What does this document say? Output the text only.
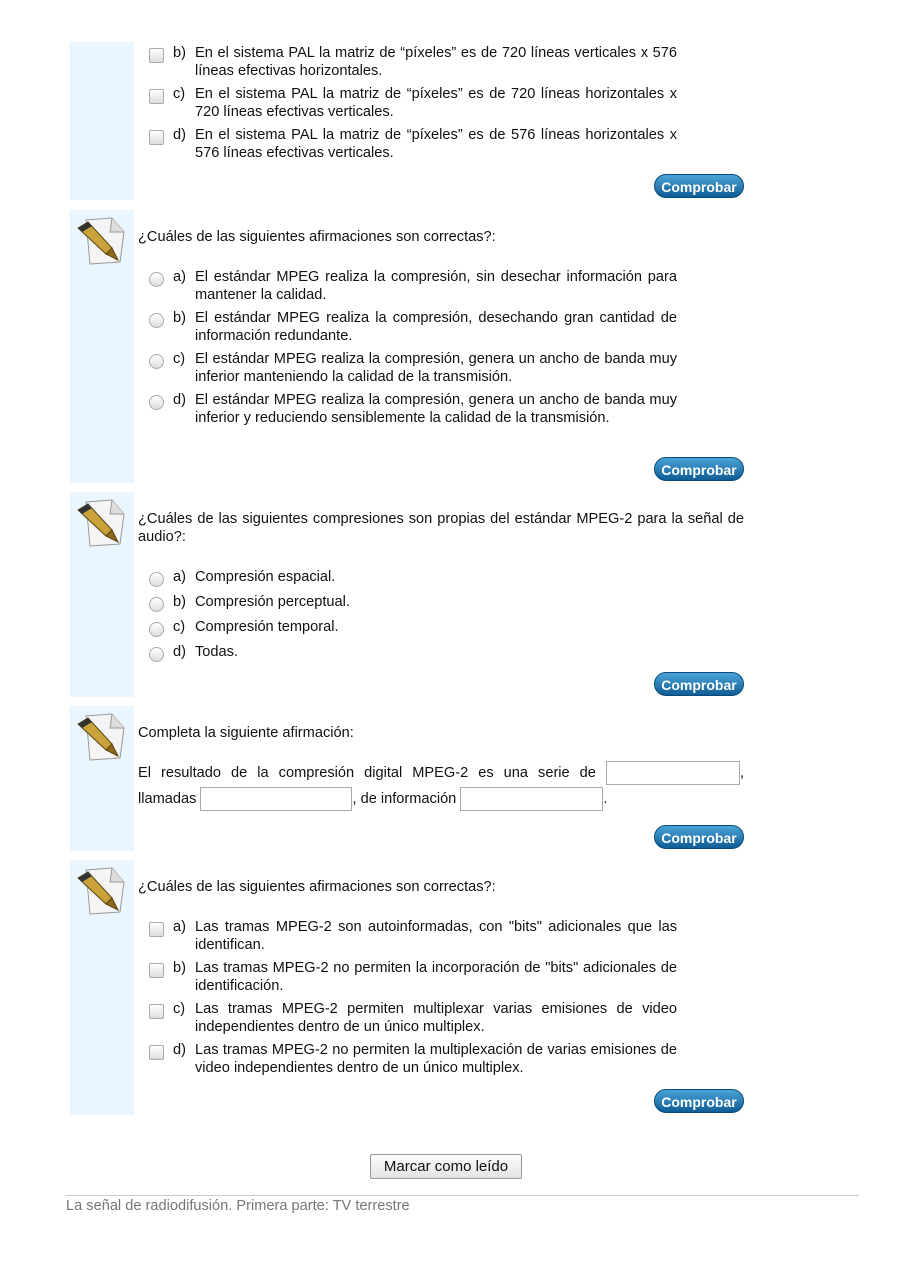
b) En el sistema PAL la matriz de “píxeles” es de 720 líneas verticales x 576 líneas efectivas horizontales.
c) En el sistema PAL la matriz de “píxeles” es de 720 líneas horizontales x 720 líneas efectivas verticales.
d) En el sistema PAL la matriz de “píxeles” es de 576 líneas horizontales x 576 líneas efectivas verticales.
Comprobar
¿Cuáles de las siguientes afirmaciones son correctas?:
a) El estándar MPEG realiza la compresión, sin desechar información para mantener la calidad.
b) El estándar MPEG realiza la compresión, desechando gran cantidad de información redundante.
c) El estándar MPEG realiza la compresión, genera un ancho de banda muy inferior manteniendo la calidad de la transmisión.
d) El estándar MPEG realiza la compresión, genera un ancho de banda muy inferior y reduciendo sensiblemente la calidad de la transmisión.
Comprobar
¿Cuáles de las siguientes compresiones son propias del estándar MPEG-2 para la señal de audio?:
a) Compresión espacial.
b) Compresión perceptual.
c) Compresión temporal.
d) Todas.
Comprobar
Completa la siguiente afirmación:
El resultado de la compresión digital MPEG-2 es una serie de	,
llamadas	, de información	.
Comprobar
¿Cuáles de las siguientes afirmaciones son correctas?:
a) Las tramas MPEG-2 son autoinformadas, con "bits" adicionales que las identifican.
b) Las tramas MPEG-2 no permiten la incorporación de "bits" adicionales de identificación.
c) Las tramas MPEG-2 permiten multiplexar varias emisiones de video independientes dentro de un único multiplex.
d) Las tramas MPEG-2 no permiten la multiplexación de varias emisiones de video independientes dentro de un único multiplex.
Comprobar
Marcar como leído
La señal de radiodifusión. Primera parte: TV terrestre
